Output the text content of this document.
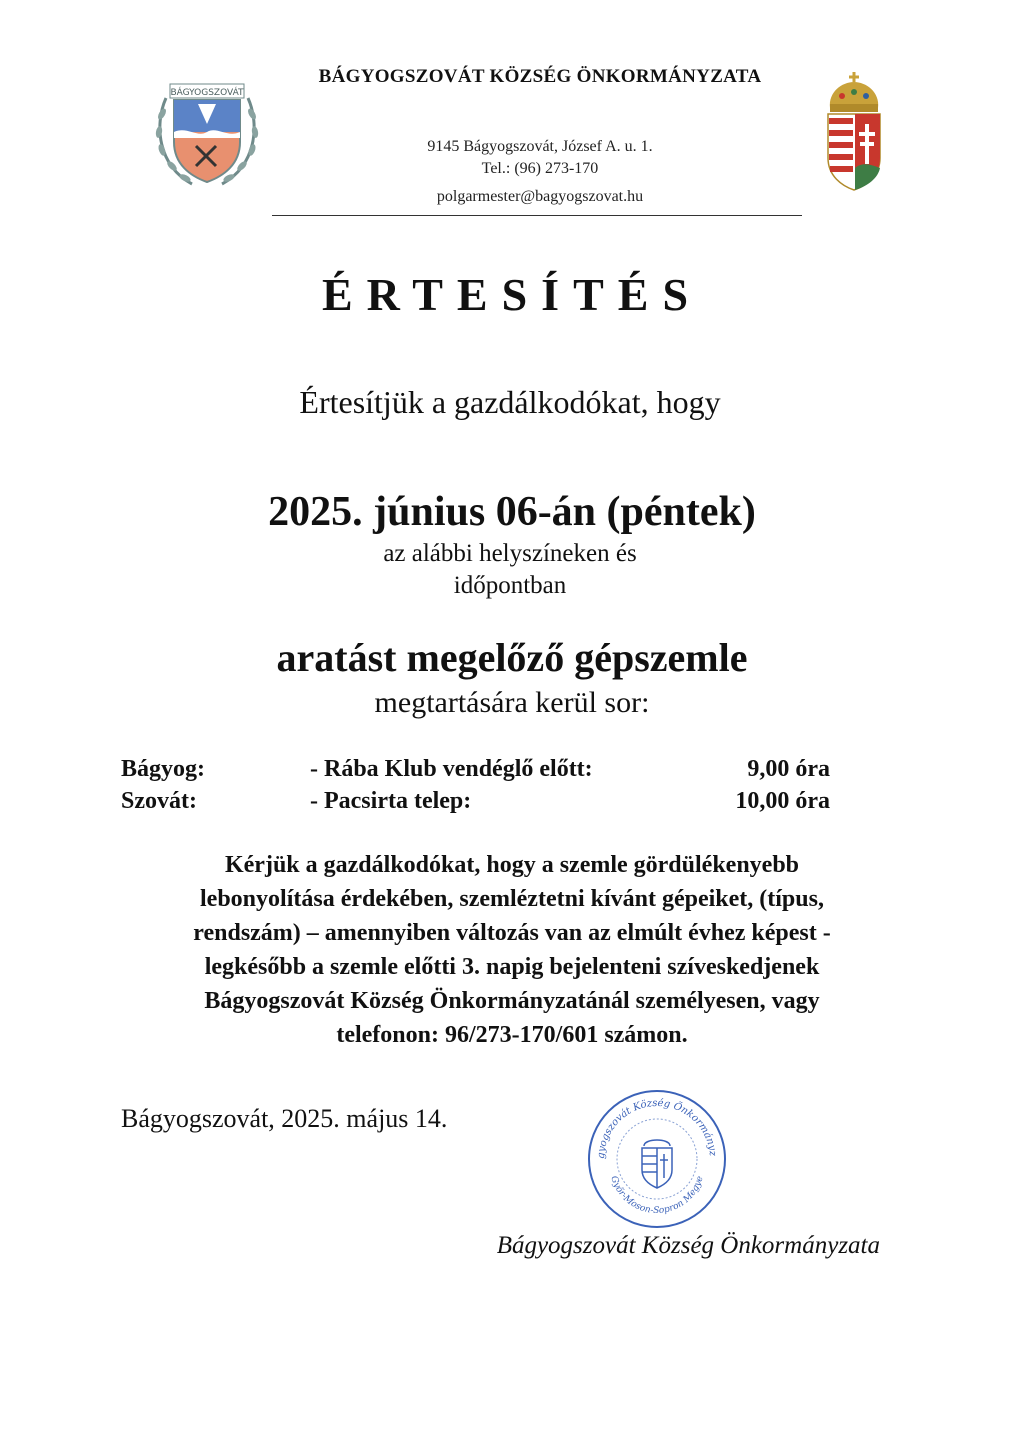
BÁGYOGSZOVÁT
BÁGYOGSZOVÁT KÖZSÉG ÖNKORMÁNYZATA
9145 Bágyogszovát, József A. u. 1.
Tel.: (96) 273-170
polgarmester@bagyogszovat.hu
ÉRTESÍTÉS
Értesítjük a gazdálkodókat, hogy
2025. június 06-án (péntek)
az alábbi helyszíneken és
időpontban
aratást megelőző gépszemle
megtartására kerül sor:
Bágyog:	- Rába Klub vendéglő előtt:	9,00 óra
Szovát:	- Pacsirta telep:	10,00 óra
Kérjük a gazdálkodókat, hogy a szemle gördülékenyebb
lebonyolítása érdekében, szemléztetni kívánt gépeiket, (típus,
rendszám) – amennyiben változás van az elmúlt évhez képest -
legkésőbb a szemle előtti 3. napig bejelenteni szíveskedjenek
Bágyogszovát Község Önkormányzatánál személyesen, vagy
telefonon: 96/273-170/601 számon.
Bágyogszovát, 2025. május 14.
gyogszovát Község Önkormányz
Győr-Moson-Sopron Megye
Bágyogszovát Község Önkormányzata
